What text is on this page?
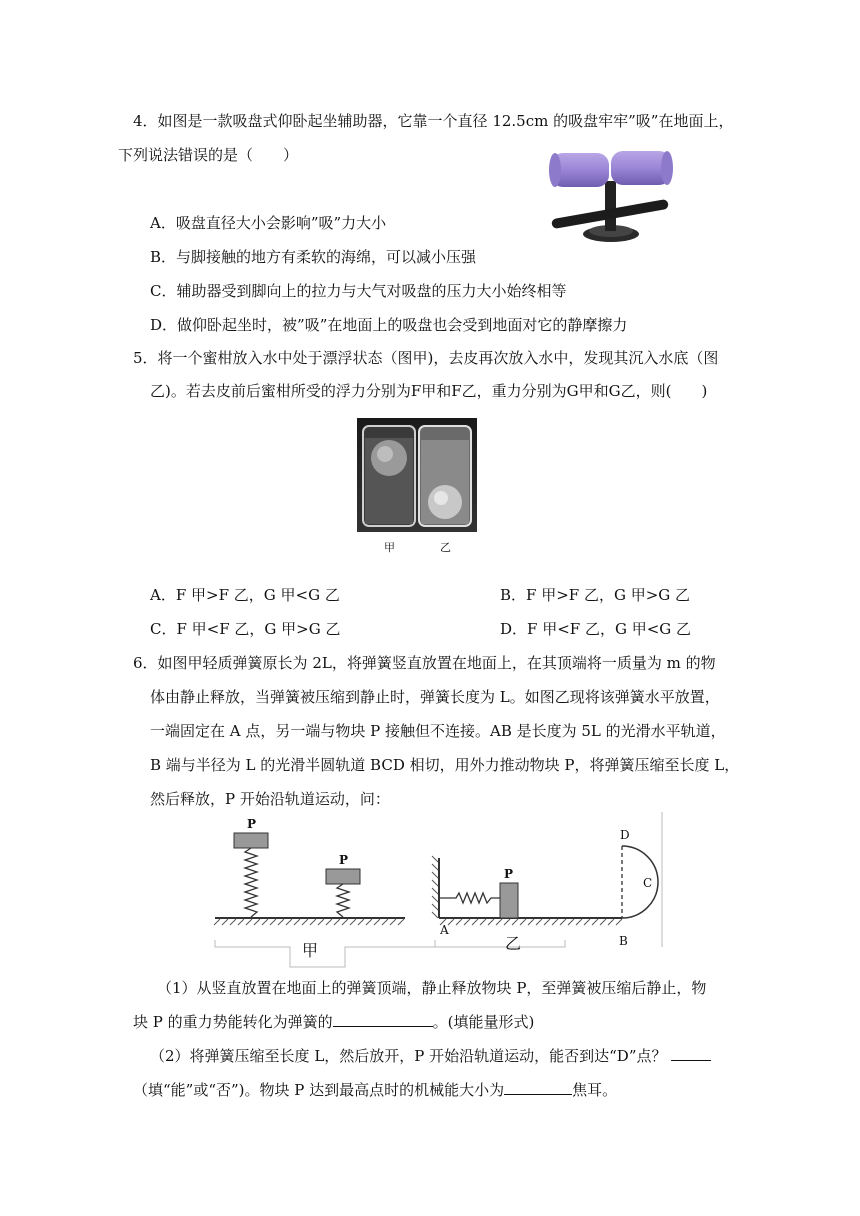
4．如图是一款吸盘式仰卧起坐辅助器，它靠一个直径 12.5cm 的吸盘牢牢”吸”在地面上，
下列说法错误的是（　　）
A．吸盘直径大小会影响”吸”力大小
B．与脚接触的地方有柔软的海绵，可以减小压强
C．辅助器受到脚向上的拉力与大气对吸盘的压力大小始终相等
D．做仰卧起坐时，被”吸”在地面上的吸盘也会受到地面对它的静摩擦力
5．将一个蜜柑放入水中处于漂浮状态（图甲)，去皮再次放入水中，发现其沉入水底（图
乙)。若去皮前后蜜柑所受的浮力分别为F甲和F乙，重力分别为G甲和G乙，则(　　)
甲	乙
A．F 甲>F 乙，G 甲<G 乙	B．F 甲>F 乙，G 甲>G 乙
C．F 甲<F 乙，G 甲>G 乙	D．F 甲<F 乙，G 甲<G 乙
6．如图甲轻质弹簧原长为 2L，将弹簧竖直放置在地面上，在其顶端将一质量为 m 的物
体由静止释放，当弹簧被压缩到静止时，弹簧长度为 L。如图乙现将该弹簧水平放置，
一端固定在 A 点，另一端与物块 P 接触但不连接。AB 是长度为 5L 的光滑水平轨道，
B 端与半径为 L 的光滑半圆轨道 BCD 相切，用外力推动物块 P，将弹簧压缩至长度 L，
然后释放，P 开始沿轨道运动，问：
P
P
甲
P
A
B
C
D
乙
（1）从竖直放置在地面上的弹簧顶端，静止释放物块 P，至弹簧被压缩后静止，物
块 P 的重力势能转化为弹簧的	。(填能量形式)
（2）将弹簧压缩至长度 L，然后放开，P 开始沿轨道运动，能否到达“D”点？
（填“能”或“否”)。物块 P 达到最高点时的机械能大小为	焦耳。
